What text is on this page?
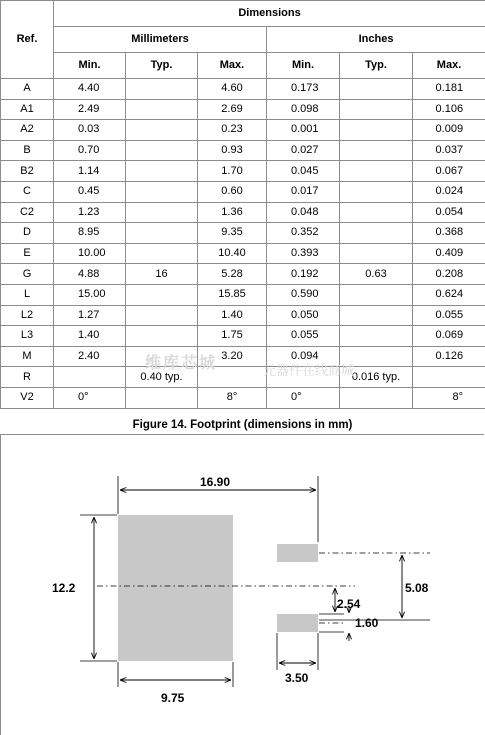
Ref.	Dimensions					
	Millimeters			Inches		
	Min.	Typ.	Max.	Min.	Typ.	Max.
A	4.40		4.60	0.173		0.181
A1	2.49		2.69	0.098		0.106
A2	0.03		0.23	0.001		0.009
B	0.70		0.93	0.027		0.037
B2	1.14		1.70	0.045		0.067
C	0.45		0.60	0.017		0.024
C2	1.23		1.36	0.048		0.054
D	8.95		9.35	0.352		0.368
E	10.00		10.40	0.393		0.409
G	4.88	16	5.28	0.192	0.63	0.208
L	15.00		15.85	0.590		0.624
L2	1.27		1.40	0.050		0.055
L3	1.40		1.75	0.055		0.069
M	2.40		3.20	0.094		0.126
R		0.40 typ.			0.016 typ.	
V2	0°		8°	0°		8°
维库芯城	元器件在线商城
Figure 14. Footprint (dimensions in mm)
16.90
12.2
9.75
5.08
2.54
1.60
3.50
